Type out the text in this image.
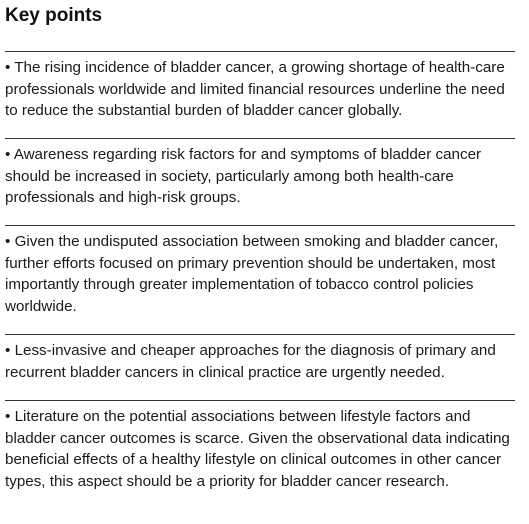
Key points
• The rising incidence of bladder cancer, a growing shortage of health-care professionals worldwide and limited financial resources underline the need to reduce the substantial burden of bladder cancer globally.
• Awareness regarding risk factors for and symptoms of bladder cancer should be increased in society, particularly among both health-care professionals and high-risk groups.
• Given the undisputed association between smoking and bladder cancer, further efforts focused on primary prevention should be undertaken, most importantly through greater implementation of tobacco control policies worldwide.
• Less-invasive and cheaper approaches for the diagnosis of primary and recurrent bladder cancers in clinical practice are urgently needed.
• Literature on the potential associations between lifestyle factors and bladder cancer outcomes is scarce. Given the observational data indicating beneficial effects of a healthy lifestyle on clinical outcomes in other cancer types, this aspect should be a priority for bladder cancer research.
